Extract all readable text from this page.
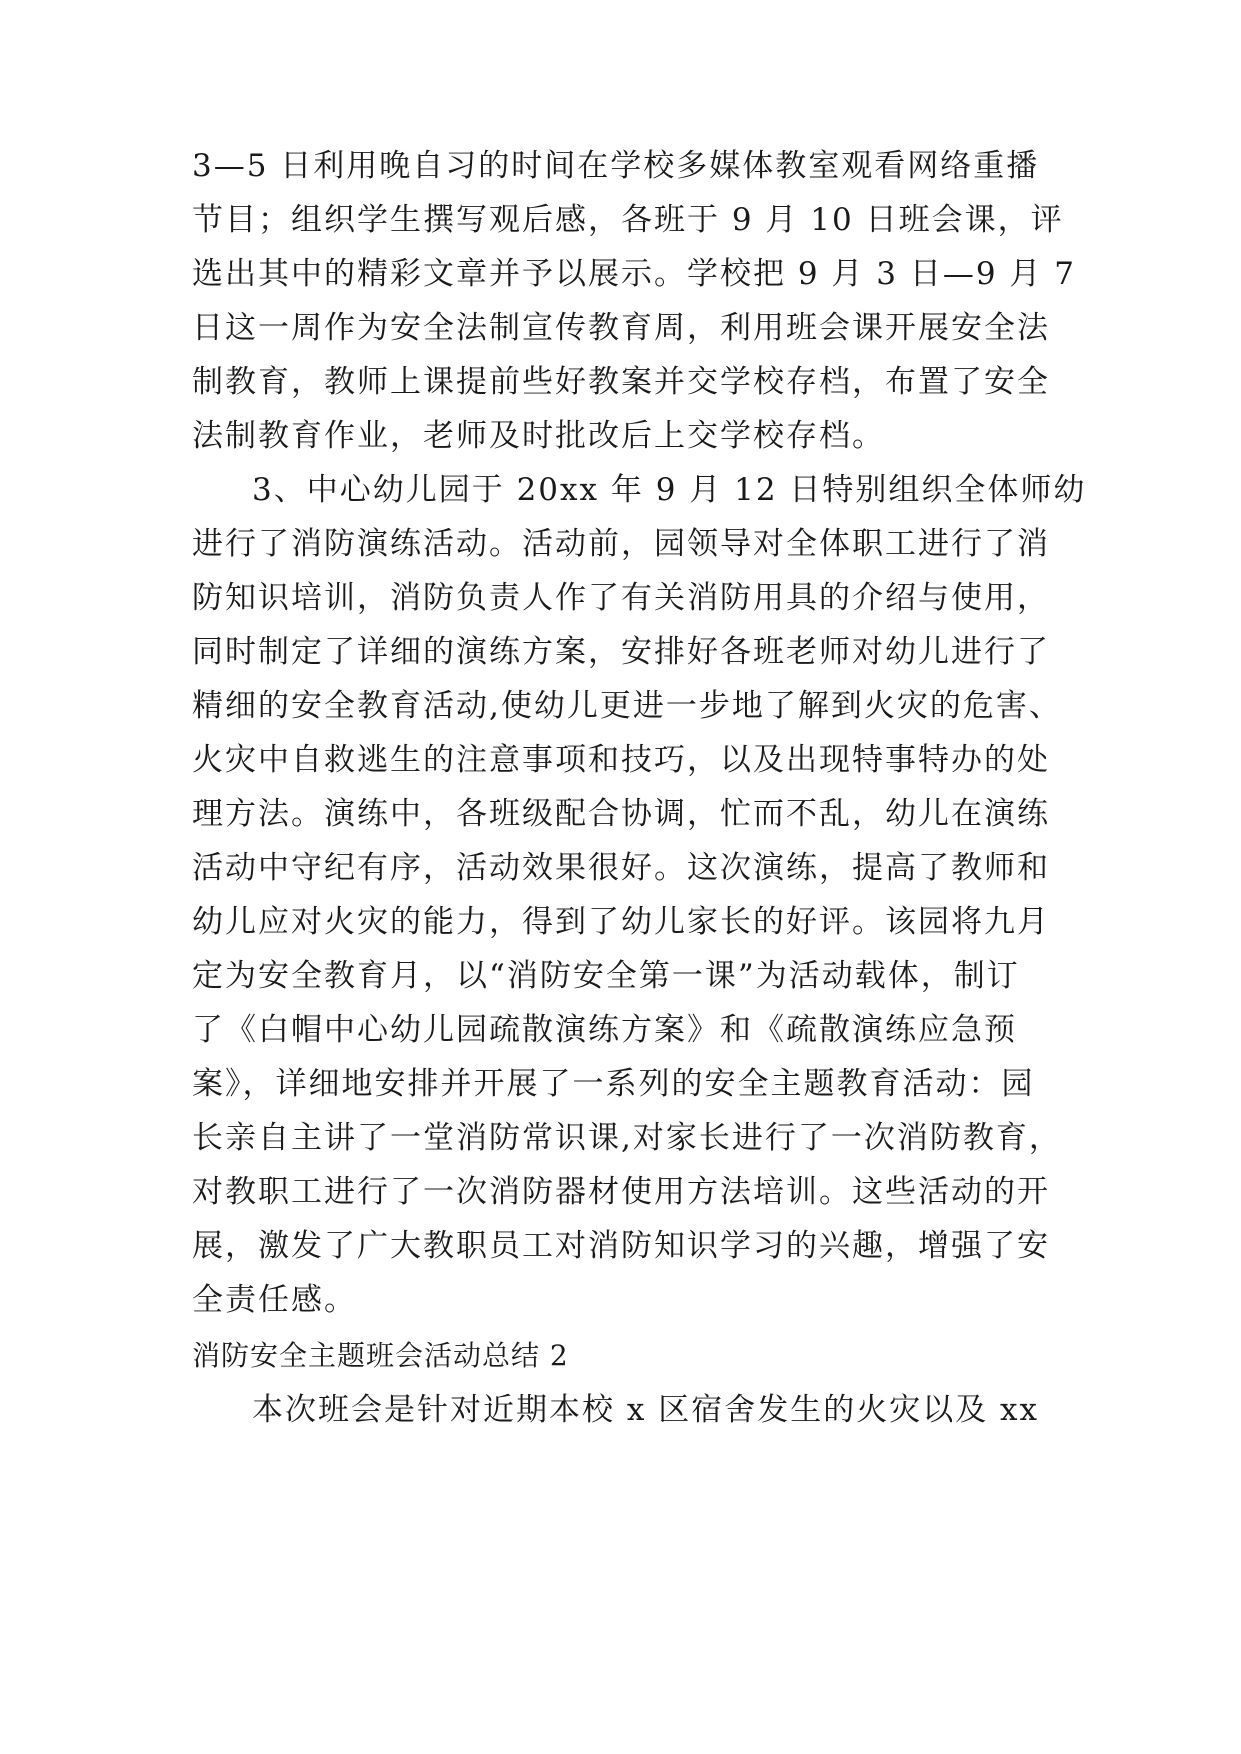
3—5 日利用晚自习的时间在学校多媒体教室观看网络重播
节目；组织学生撰写观后感，各班于 9 月 10 日班会课，评
选出其中的精彩文章并予以展示。学校把 9 月 3 日—9 月 7
日这一周作为安全法制宣传教育周，利用班会课开展安全法
制教育，教师上课提前些好教案并交学校存档，布置了安全
法制教育作业，老师及时批改后上交学校存档。
3、中心幼儿园于 20xx 年 9 月 12 日特别组织全体师幼
进行了消防演练活动。活动前，园领导对全体职工进行了消
防知识培训，消防负责人作了有关消防用具的介绍与使用，
同时制定了详细的演练方案，安排好各班老师对幼儿进行了
精细的安全教育活动,使幼儿更进一步地了解到火灾的危害、
火灾中自救逃生的注意事项和技巧，以及出现特事特办的处
理方法。演练中，各班级配合协调，忙而不乱，幼儿在演练
活动中守纪有序，活动效果很好。这次演练，提高了教师和
幼儿应对火灾的能力，得到了幼儿家长的好评。该园将九月
定为安全教育月，以“消防安全第一课”为活动载体，制订
了《白帽中心幼儿园疏散演练方案》和《疏散演练应急预
案》，详细地安排并开展了一系列的安全主题教育活动：园
长亲自主讲了一堂消防常识课,对家长进行了一次消防教育，
对教职工进行了一次消防器材使用方法培训。这些活动的开
展，激发了广大教职员工对消防知识学习的兴趣，增强了安
全责任感。
消防安全主题班会活动总结 2
本次班会是针对近期本校 x 区宿舍发生的火灾以及 xx
